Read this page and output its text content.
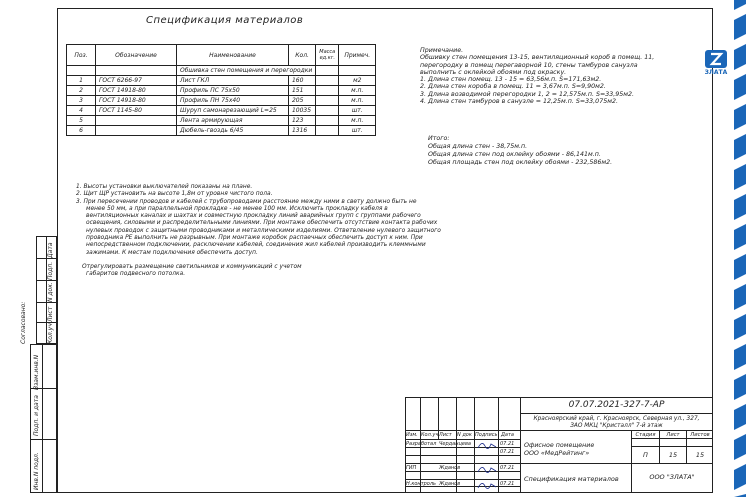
ЗЛАТА
Спецификация материалов
Поз.	Обозначение	Наименование	Кол.	Масса ед.кг.	Примеч.
		Обшивка стен помещения и перегородки			
1	ГОСТ 6266-97	Лист ГКЛ	160		м2
2	ГОСТ 14918-80	Профиль ПС 75х50	151		м.п.
3	ГОСТ 14918-80	Профиль ПН 75х40	205		м.п.
4	ГОСТ 1145-80	Шуруп самонарезающий L=25	10035		шт.
5		Лента армирующая	123		м.п.
6		Дюбель-гвоздь 6/45	1316		шт.
Примечание.
Обшивку стен помещения 13-15, вентиляционный короб в помещ. 11,
перегородку в помещ перегаворной 10, стены тамбуров санузла
выполнить с оклейкой обоями под окраску.
1. Длина стен помещ. 13 - 15 = 63,56м.п. S=171,63м2.
2. Длина стен короба в помещ. 11 = 3,67м.п. S=9,90м2.
3. Длина возводимой перегородки 1, 2 = 12,575м.п. S=33,95м2.
4. Длина стен тамбуров в санузле = 12,25м.п. S=33,075м2.
Итого:
Общая длина стен - 38,75м.п.
Общая длина стен под оклейку обоями - 86,141м.п.
Общая площадь стен под оклейку обоями - 232,586м2.
1. Высоты установки выключателей показаны на плане.
2. Щит ЩР установить на высоте 1,8м от уровня чистого пола.
3. При пересечении проводов и кабелей с трубопроводами расстояние между ними в свету должно быть не
менее 50 мм, а при параллельной прокладке - не менее 100 мм. Исключить прокладку кабеля в
вентиляционных каналах и шахтах и совместную прокладку линий аварийных групп с группами рабочего
освещения, силовыми и распределительными линиями. При монтаже обеспечить отсутствие контакта рабочих
нулевых проводок с защитными проводниками и металлическими изделиями. Ответвление нулевого защитного
проводника PE выполнить не разрывным. При монтаже коробок распаечных обеспечить доступ к ним. При
непосредственном подключении, расключении кабелей, соединения жил кабелей производить клеммными
зажимами. К местам подключения обеспечить доступ.
Отрегулировать размещение светильников и коммуникаций с учетом
габаритов подвесного потолка.
Кол.уч
Лист
N док.
Подп.
Дата
Согласовано:
Взам.инв.N
Подп. и дата
Инв.N подл.
07.07.2021-327-7-АР
Красноярский край, г. Красноярск, Северная ул., 327,
ЗАО МКЦ "Кристалл" 7-й этаж
Офисное помещение
ООО «МедРейтинг»
Спецификация материалов	ООО "ЗЛАТА"
Стадия	Лист	Листов
П	15	15
Изм. Кол.уч Лист N док Подпись Дата
Разработал Черданцева	07.21
07.21
ГИП	Жданов	07.21
Н.контроль Жданов	07.21
